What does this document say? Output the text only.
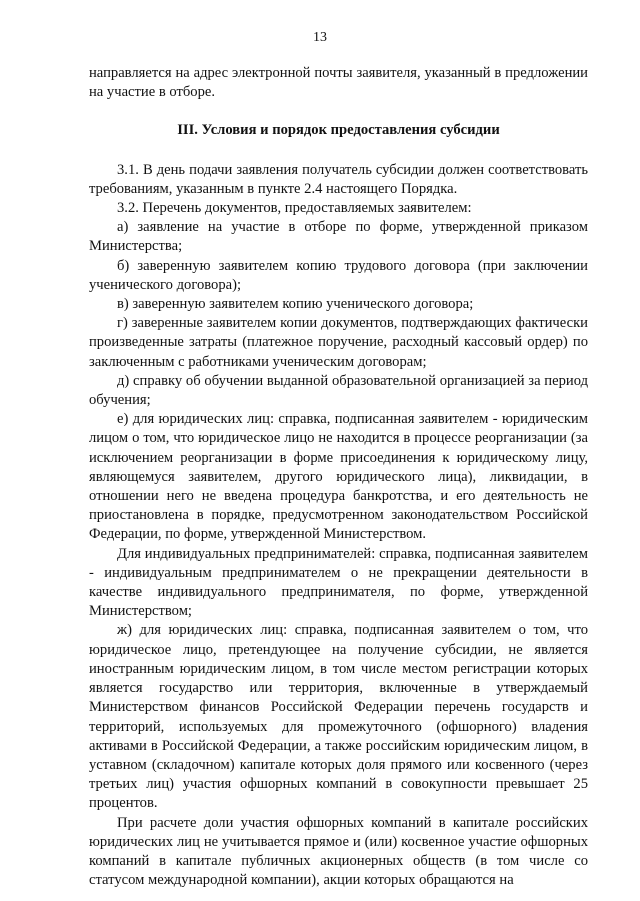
13

направляется на адрес электронной почты заявителя, указанный в предложении на участие в отборе.

III. Условия и порядок предоставления субсидии

3.1. В день подачи заявления получатель субсидии должен соответствовать требованиям, указанным в пункте 2.4 настоящего Порядка.

3.2. Перечень документов, предоставляемых заявителем:

а) заявление на участие в отборе по форме, утвержденной приказом Министерства;

б) заверенную заявителем копию трудового договора (при заключении ученического договора);

в) заверенную заявителем копию ученического договора;

г) заверенные заявителем копии документов, подтверждающих фактически произведенные затраты (платежное поручение, расходный кассовый ордер) по заключенным с работниками ученическим договорам;

д) справку об обучении выданной образовательной организацией за период обучения;

е) для юридических лиц: справка, подписанная заявителем - юридическим лицом о том, что юридическое лицо не находится в процессе реорганизации (за исключением реорганизации в форме присоединения к юридическому лицу, являющемуся заявителем, другого юридического лица), ликвидации, в отношении него не введена процедура банкротства, и его деятельность не приостановлена в порядке, предусмотренном законодательством Российской Федерации, по форме, утвержденной Министерством.

Для индивидуальных предпринимателей: справка, подписанная заявителем - индивидуальным предпринимателем о не прекращении деятельности в качестве индивидуального предпринимателя, по форме, утвержденной Министерством;

ж) для юридических лиц: справка, подписанная заявителем о том, что юридическое лицо, претендующее на получение субсидии, не является иностранным юридическим лицом, в том числе местом регистрации которых является государство или территория, включенные в утверждаемый Министерством финансов Российской Федерации перечень государств и территорий, используемых для промежуточного (офшорного) владения активами в Российской Федерации, а также российским юридическим лицом, в уставном (складочном) капитале которых доля прямого или косвенного (через третьих лиц) участия офшорных компаний в совокупности превышает 25 процентов.

При расчете доли участия офшорных компаний в капитале российских юридических лиц не учитывается прямое и (или) косвенное участие офшорных компаний в капитале публичных акционерных обществ (в том числе со статусом международной компании), акции которых обращаются на
